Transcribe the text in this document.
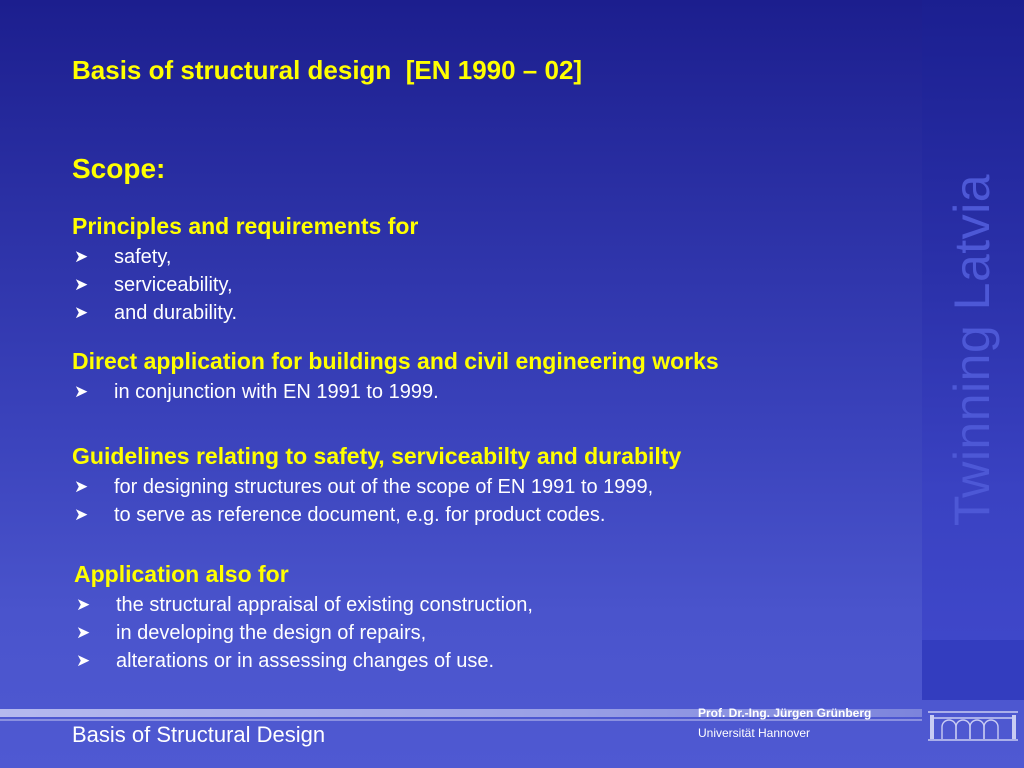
Twinning Latvia
Basis of structural design  [EN 1990 – 02]
Scope:
Principles and requirements for
➤	safety,
➤	serviceability,
➤	and durability.
Direct application for buildings and civil engineering works
➤	in conjunction with EN 1991 to 1999.
Guidelines relating to safety, serviceabilty and durabilty
➤	for designing structures out of the scope of EN 1991 to 1999,
➤	to serve as reference document, e.g. for product codes.
Application also for
➤	the structural appraisal of existing construction,
➤	in developing the design of repairs,
➤	alterations or in assessing changes of use.
Basis of Structural Design
Prof. Dr.-Ing. Jürgen Grünberg
Universität Hannover
